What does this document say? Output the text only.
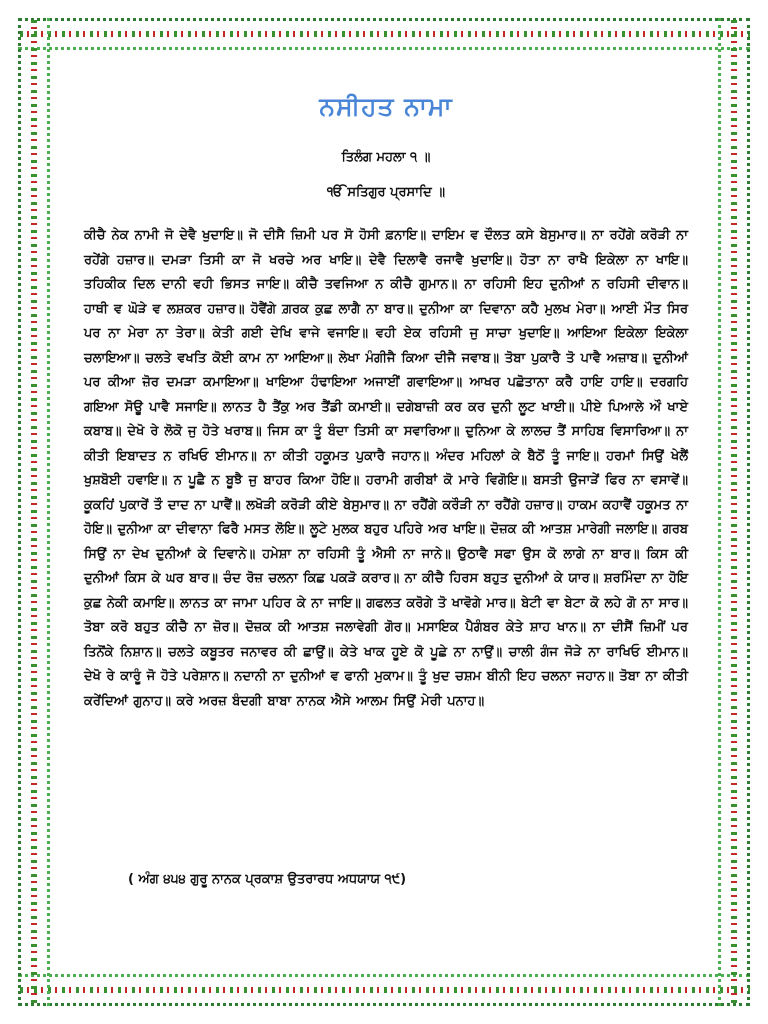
ਨਸੀਹਤ ਨਾਮਾ

ਤਿਲੰਗ ਮਹਲਾ ੧ ॥

ੴ ਸਤਿਗੁਰ ਪ੍ਰਸਾਦਿ ॥

ਕੀਚੈ ਨੇਕ ਨਾਮੀ ਜੋ ਦੇਵੈ ਖੁਦਾਇ॥ ਜੋ ਦੀਸੈ ਜ਼ਿਮੀ ਪਰ ਸੋ ਹੋਸੀ ਫ਼ਨਾਇ॥ ਦਾਇਮ ਵ ਦੌਲਤ ਕਸੇ ਬੇਸੁਮਾਰ॥ ਨਾ ਰਹੇਂਗੇ ਕਰੋੜੀ ਨਾ ਰਹੇਂਗੇ ਹਜ਼ਾਰ॥ ਦਮੜਾ ਤਿਸੀ ਕਾ ਜੋ ਖਰਚੇ ਅਰ ਖਾਇ॥ ਦੇਵੈ ਦਿਲਾਵੈ ਰਜਾਵੈ ਖੁਦਾਇ॥ ਹੋਤਾ ਨਾ ਰਾਖੈ ਇਕੇਲਾ ਨਾ ਖਾਇ॥ ਤਹਿਕੀਕ ਦਿਲ ਦਾਨੀ ਵਹੀ ਭਿਸਤ ਜਾਇ॥ ਕੀਚੈ ਤਵਜਿਆ ਨ ਕੀਚੈ ਗੁਮਾਨ॥ ਨਾ ਰਹਿਸੀ ਇਹ ਦੁਨੀਆਂ ਨ ਰਹਿਸੀ ਦੀਵਾਨ॥ ਹਾਥੀ ਵ ਘੋੜੇ ਵ ਲਸ਼ਕਰ ਹਜ਼ਾਰ॥ ਹੋਵੈਂਗੇ ਗ਼ਰਕ ਕੁਛ ਲਾਗੈ ਨਾ ਬਾਰ॥ ਦੁਨੀਆ ਕਾ ਦਿਵਾਨਾ ਕਹੈ ਮੁਲਖ ਮੇਰਾ॥ ਆਈ ਮੌਤ ਸਿਰ ਪਰ ਨਾ ਮੇਰਾ ਨਾ ਤੇਰਾ॥ ਕੇਤੀ ਗਈ ਦੇਖਿ ਵਾਜੇ ਵਜਾਇ॥ ਵਹੀ ਏਕ ਰਹਿਸੀ ਜੁ ਸਾਚਾ ਖੁਦਾਇ॥ ਆਇਆ ਇਕੇਲਾ ਇਕੇਲਾ ਚਲਾਇਆ॥ ਚਲਤੇ ਵਖਤਿ ਕੋਈ ਕਾਮ ਨਾ ਆਇਆ॥ ਲੇਖਾ ਮੰਗੀਜੈ ਕਿਆ ਦੀਜੈ ਜਵਾਬ॥ ਤੋਬਾ ਪੁਕਾਰੈ ਤੋ ਪਾਵੈ ਅਜ਼ਾਬ॥ ਦੁਨੀਆਂ ਪਰ ਕੀਆ ਜ਼ੋਰ ਦਮੜਾ ਕਮਾਇਆ॥ ਖਾਇਆ ਹੰਢਾਇਆ ਅਜਾਈਂ ਗਵਾਇਆ॥ ਆਖਰ ਪਛੋਤਾਨਾ ਕਰੈ ਹਾਇ ਹਾਇ॥ ਦਰਗਹਿ ਗਇਆ ਸੋਊ ਪਾਵੈ ਸਜਾਇ॥ ਲਾਨਤ ਹੈ ਤੈਂਕੁ ਅਰ ਤੈਂਡੀ ਕਮਾਈ॥ ਦਗੇਬਾਜ਼ੀ ਕਰ ਕਰ ਦੁਨੀ ਲੂਟ ਖਾਈ॥ ਪੀਏ ਪਿਆਲੇ ਔ ਖਾਏ ਕਬਾਬ॥ ਦੇਖੋ ਰੇ ਲੋਕੋ ਜੁ ਹੋਤੇ ਖਰਾਬ॥ ਜਿਸ ਕਾ ਤੂੰ ਬੰਦਾ ਤਿਸੀ ਕਾ ਸਵਾਰਿਆ॥ ਦੁਨਿਆ ਕੇ ਲਾਲਚ ਤੈਂ ਸਾਹਿਬ ਵਿਸਾਰਿਆ॥ ਨਾ ਕੀਤੀ ਇਬਾਦਤ ਨ ਰਖਿਓ ਈਮਾਨ॥ ਨਾ ਕੀਤੀ ਹਕੂਮਤ ਪੁਕਾਰੈ ਜਹਾਨ॥ ਅੰਦਰ ਮਹਿਲਾਂ ਕੇ ਬੈਠੋਂ ਤੂੰ ਜਾਇ॥ ਹਰਮਾਂ ਸਿਉਂ ਖੇਲੈਂ ਖੁਸ਼ਬੋਈ ਹਵਾਇ॥ ਨ ਪੂਛੈ ਨ ਬੂਝੈ ਜੁ ਬਾਹਰ ਕਿਆ ਹੋਇ॥ ਹਰਾਮੀ ਗਰੀਬਾਂ ਕੋ ਮਾਰੇ ਵਿਗੋਇ॥ ਬਸਤੀ ਉਜਾੜੇਂ ਫਿਰ ਨਾ ਵਸਾਵੇਂ॥ ਕੂਕਹਿਂ ਪੁਕਾਰੇਂ ਤੌ ਦਾਦ ਨਾ ਪਾਵੈਂ॥ ਲਖੋੜੀ ਕਰੋੜੀ ਕੀਏ ਬੇਸੁਮਾਰ॥ ਨਾ ਰਹੈਂਗੇ ਕਰੌੜੀ ਨਾ ਰਹੈਂਗੇ ਹਜ਼ਾਰ॥ ਹਾਕਮ ਕਹਾਵੈਂ ਹਕੂਮਤ ਨਾ ਹੋਇ॥ ਦੁਨੀਆ ਕਾ ਦੀਵਾਨਾ ਫਿਰੈ ਮਸਤ ਲੋਇ॥ ਲੂਟੇ ਮੁਲਕ ਬਹੁਰ ਪਹਿਰੇ ਅਰ ਖਾਇ॥ ਦੋਜ਼ਕ ਕੀ ਆਤਸ਼ ਮਾਰੇਗੀ ਜਲਾਇ॥ ਗਰਬ ਸਿਉਂ ਨਾ ਦੇਖ ਦੁਨੀਆਂ ਕੇ ਦਿਵਾਨੇ॥ ਹਮੇਸ਼ਾ ਨਾ ਰਹਿਸੀ ਤੂੰ ਐਸੀ ਨਾ ਜਾਨੇ॥ ਉਠਾਵੈ ਸਫਾ ਉਸ ਕੋ ਲਾਗੇ ਨਾ ਬਾਰ॥ ਕਿਸ ਕੀ ਦੁਨੀਆਂ ਕਿਸ ਕੇ ਘਰ ਬਾਰ॥ ਚੰਦ ਰੋਜ਼ ਚਲਨਾ ਕਿਛ ਪਕੜੋ ਕਰਾਰ॥ ਨਾ ਕੀਚੈ ਹਿਰਸ ਬਹੁਤ ਦੁਨੀਆਂ ਕੇ ਯਾਰ॥ ਸ਼ਰਮਿੰਦਾ ਨਾ ਹੋਇ ਕੁਛ ਨੇਕੀ ਕਮਾਇ॥ ਲਾਨਤ ਕਾ ਜਾਮਾ ਪਹਿਰ ਕੇ ਨਾ ਜਾਇ॥ ਗਫਲਤ ਕਰੋਗੇ ਤੋ ਖਾਵੋਗੇ ਮਾਰ॥ ਬੇਟੀ ਵਾ ਬੇਟਾ ਕੋ ਲਹੇ ਗੋ ਨਾ ਸਾਰ॥ ਤੋਬਾ ਕਰੋ ਬਹੁਤ ਕੀਚੈ ਨਾ ਜ਼ੋਰ॥ ਦੋਜ਼ਕ ਕੀ ਆਤਸ਼ ਜਲਾਵੇਗੀ ਗੋਰ॥ ਮਸਾਇਕ ਪੈਗੰਬਰ ਕੇਤੇ ਸ਼ਾਹ ਖਾਨ॥ ਨਾ ਦੀਸੈਂ ਜ਼ਿਮੀਂ ਪਰ ਤਿਨੋਂਕੇ ਨਿਸ਼ਾਨ॥ ਚਲਤੇ ਕਬੂਤਰ ਜਨਾਵਰ ਕੀ ਛਾਉਂ॥ ਕੇਤੇ ਖਾਕ ਹੂਏ ਕੋ ਪੂਛੇ ਨਾ ਨਾਉਂ॥ ਚਾਲੀ ਗੰਜ ਜੋੜੇ ਨਾ ਰਾਖਿਓ ਈਮਾਨ॥ ਦੇਖੋ ਰੇ ਕਾਰੂੰ ਜੋ ਹੋਤੇ ਪਰੇਸ਼ਾਨ॥ ਨਦਾਨੀ ਨਾ ਦੁਨੀਆਂ ਵ ਫਾਨੀ ਮੁਕਾਮ॥ ਤੂੰ ਖੁਦ ਚਸ਼ਮ ਬੀਨੀ ਇਹ ਚਲਨਾ ਜਹਾਨ॥ ਤੋਬਾ ਨਾ ਕੀਤੀ ਕਰੇਂਦਿਆਂ ਗੁਨਾਹ॥ ਕਰੇ ਅਰਜ਼ ਬੰਦਗੀ ਬਾਬਾ ਨਾਨਕ ਐਸੇ ਆਲਮ ਸਿਉਂ ਮੇਰੀ ਪਨਾਹ॥

( ਅੰਗ ੪੫੪ ਗੁਰੂ ਨਾਨਕ ਪ੍ਰਕਾਸ਼ ਉਤਰਾਰਧ ਅਧਯਾਯ ੧੯)
